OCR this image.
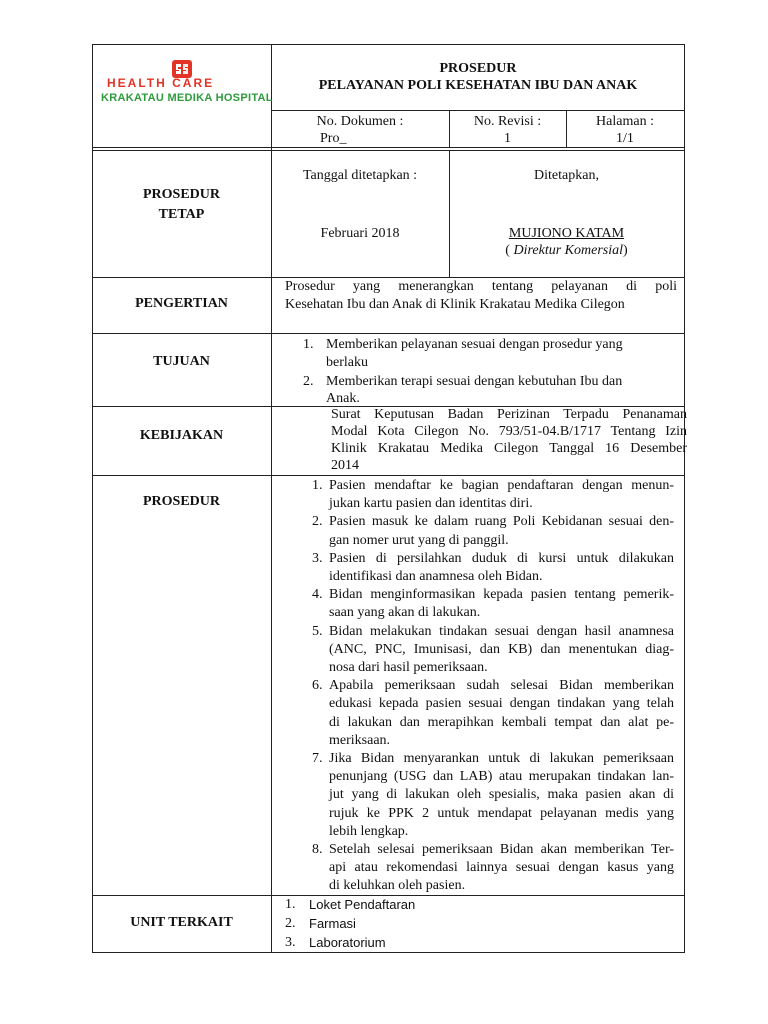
HEALTH CARE
KRAKATAU MEDIKA HOSPITAL
PROSEDUR
PELAYANAN POLI KESEHATAN IBU DAN ANAK
No. Dokumen :
Pro_
No. Revisi :
1
Halaman :
1/1
PROSEDUR
TETAP
Tanggal ditetapkan :
Februari 2018
Ditetapkan,
MUJIONO KATAM
( Direktur Komersial)
PENGERTIAN
Prosedur yang menerangkan tentang pelayanan di poli
Kesehatan Ibu dan Anak di Klinik Krakatau Medika Cilegon
TUJUAN
1. Memberikan pelayanan sesuai dengan prosedur yang
berlaku
2. Memberikan terapi sesuai dengan kebutuhan Ibu dan
Anak.
KEBIJAKAN
Surat Keputusan Badan Perizinan Terpadu Penanaman
Modal Kota Cilegon No. 793/51-04.B/1717 Tentang Izin
Klinik Krakatau Medika Cilegon Tanggal 16 Desember
2014
PROSEDUR
1. Pasien mendaftar ke bagian pendaftaran dengan menun-
jukan kartu pasien dan identitas diri.
2. Pasien masuk ke dalam ruang Poli Kebidanan sesuai den-
gan nomer urut yang di panggil.
3. Pasien di persilahkan duduk di kursi untuk dilakukan
identifikasi dan anamnesa oleh Bidan.
4. Bidan menginformasikan kepada pasien tentang pemerik-
saan yang akan di lakukan.
5. Bidan melakukan tindakan sesuai dengan hasil anamnesa
(ANC, PNC, Imunisasi, dan KB) dan menentukan diag-
nosa dari hasil pemeriksaan.
6. Apabila pemeriksaan sudah selesai Bidan memberikan
edukasi kepada pasien sesuai dengan tindakan yang telah
di lakukan dan merapihkan kembali tempat dan alat pe-
meriksaan.
7. Jika Bidan menyarankan untuk di lakukan pemeriksaan
penunjang (USG dan LAB) atau merupakan tindakan lan-
jut yang di lakukan oleh spesialis, maka pasien akan di
rujuk ke PPK 2 untuk mendapat pelayanan medis yang
lebih lengkap.
8. Setelah selesai pemeriksaan Bidan akan memberikan Ter-
api atau rekomendasi lainnya sesuai dengan kasus yang
di keluhkan oleh pasien.
UNIT TERKAIT
1. Loket Pendaftaran
2. Farmasi
3. Laboratorium
